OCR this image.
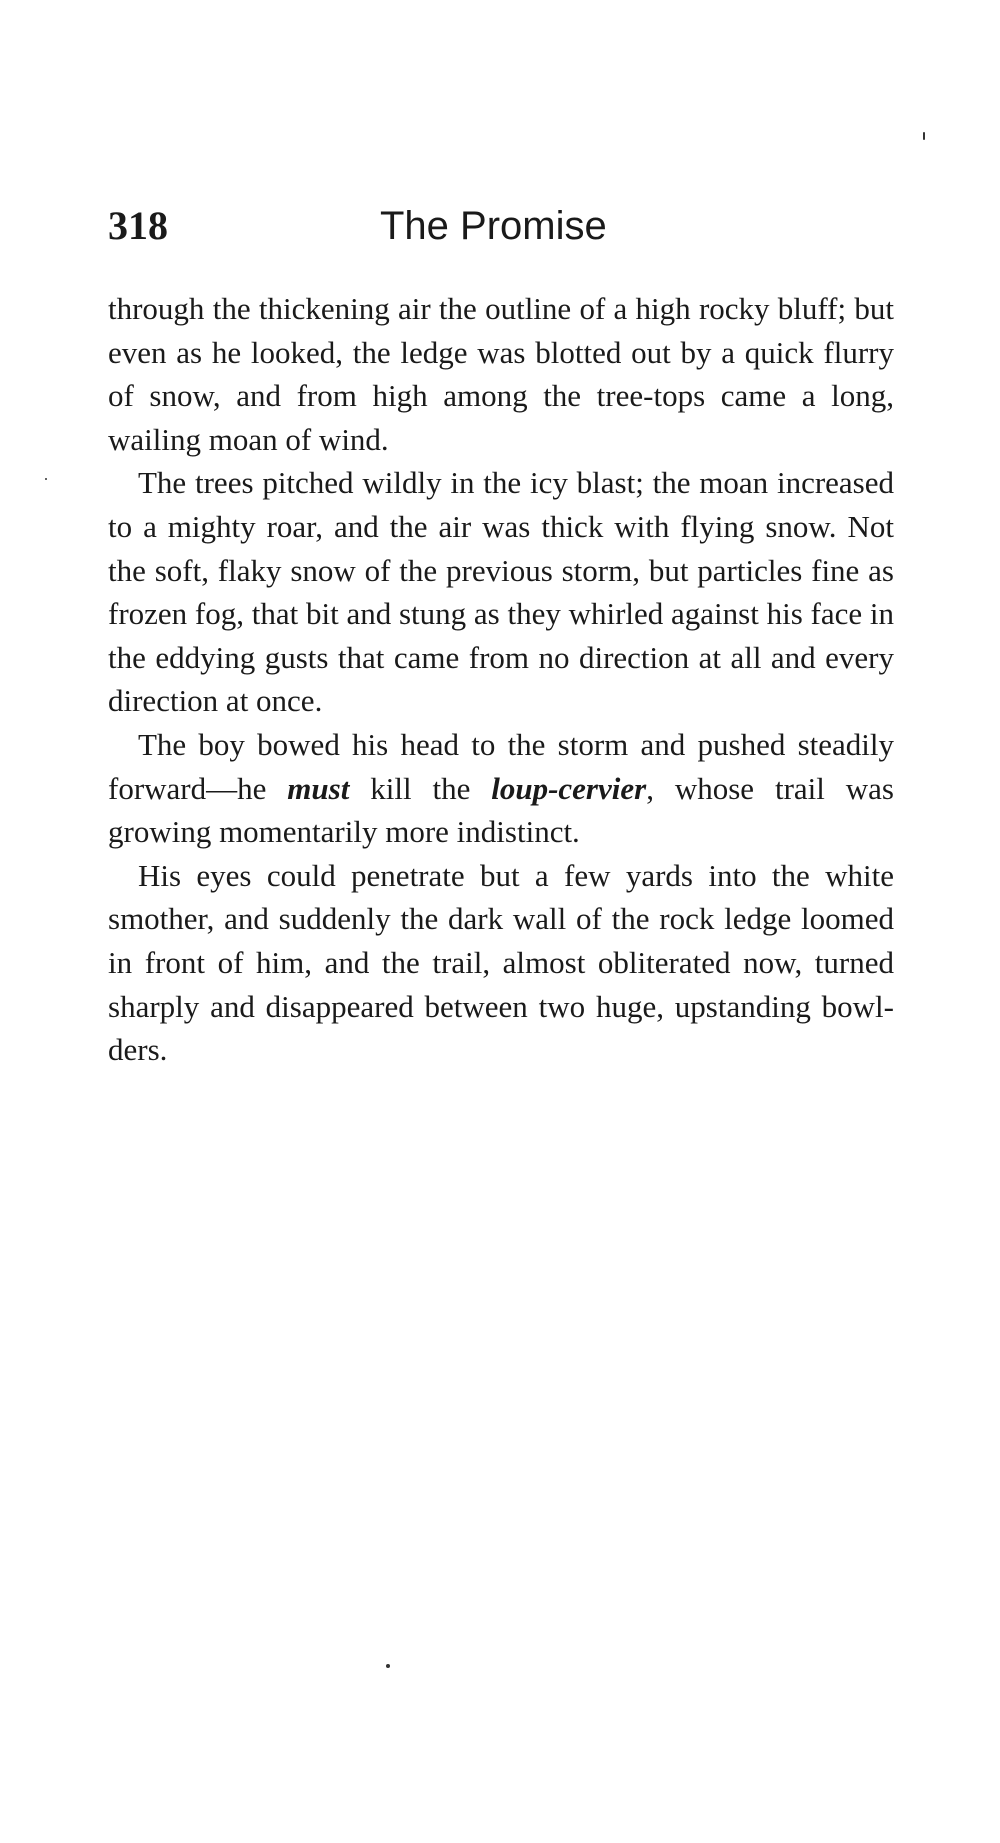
318	The Promise

through the thickening air the outline of a high rocky bluff; but even as he looked, the ledge was blotted out by a quick flurry of snow, and from high among the tree-tops came a long, wailing moan of wind.

The trees pitched wildly in the icy blast; the moan increased to a mighty roar, and the air was thick with flying snow. Not the soft, flaky snow of the previous storm, but particles fine as frozen fog, that bit and stung as they whirled against his face in the eddying gusts that came from no direction at all and every direction at once.

The boy bowed his head to the storm and pushed steadily forward—he must kill the loup-cervier, whose trail was growing momentarily more indistinct.

His eyes could penetrate but a few yards into the white smother, and suddenly the dark wall of the rock ledge loomed in front of him, and the trail, almost obliterated now, turned sharply and disappeared between two huge, upstanding bowlders.
